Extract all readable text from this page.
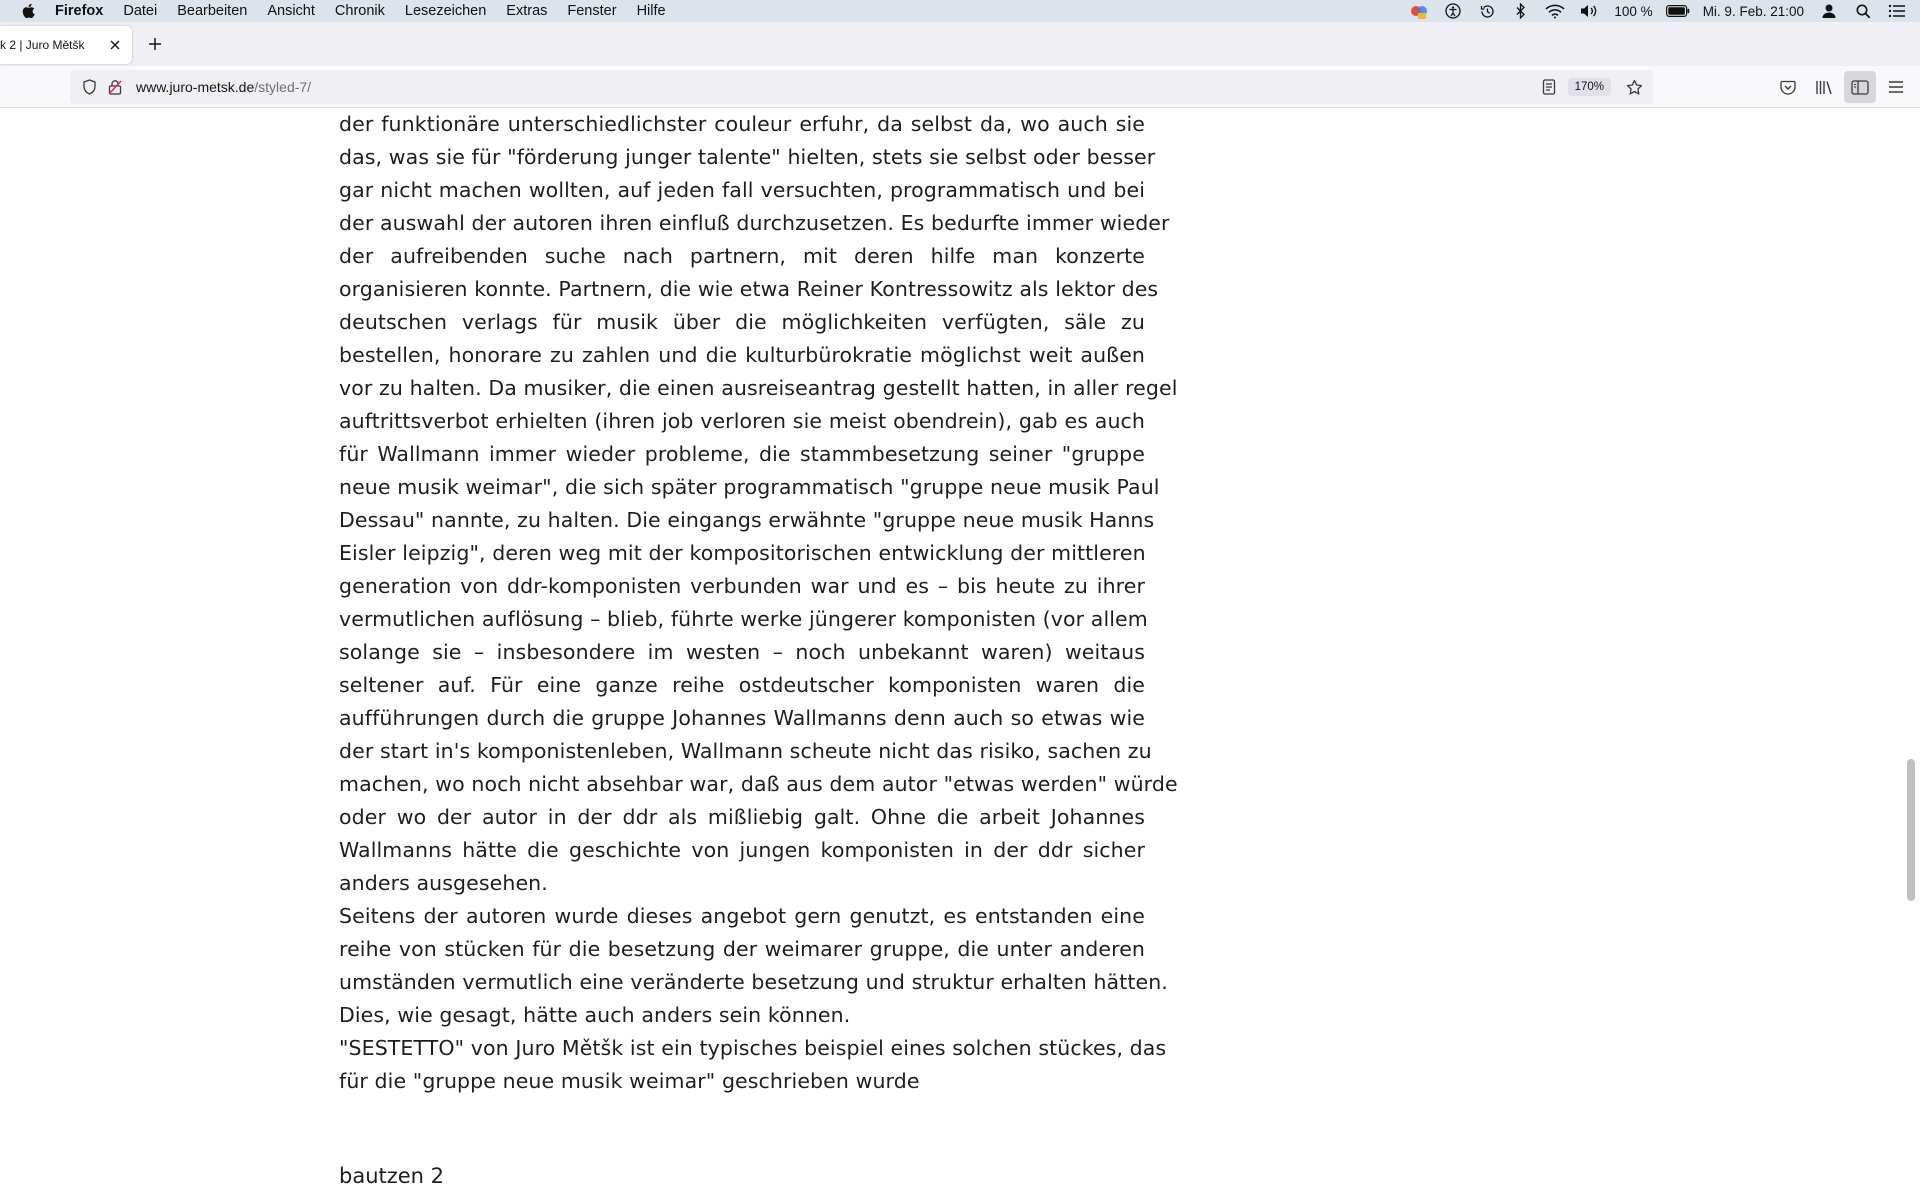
Firefox	Datei	Bearbeiten	Ansicht	Chronik	Lesezeichen	Extras	Fenster	Hilfe	100 %	Mi. 9. Feb. 21:00
k 2 | Juro Mětšk
www.juro-metsk.de/styled-7/	170%

der funktionäre unterschiedlichster couleur erfuhr, da selbst da, wo auch sie
das, was sie für "förderung junger talente" hielten, stets sie selbst oder besser
gar nicht machen wollten, auf jeden fall versuchten, programmatisch und bei
der auswahl der autoren ihren einfluß durchzusetzen. Es bedurfte immer wieder
der aufreibenden suche nach partnern, mit deren hilfe man konzerte
organisieren konnte. Partnern, die wie etwa Reiner Kontressowitz als lektor des
deutschen verlags für musik über die möglichkeiten verfügten, säle zu
bestellen, honorare zu zahlen und die kulturbürokratie möglichst weit außen
vor zu halten. Da musiker, die einen ausreiseantrag gestellt hatten, in aller regel
auftrittsverbot erhielten (ihren job verloren sie meist obendrein), gab es auch
für Wallmann immer wieder probleme, die stammbesetzung seiner "gruppe
neue musik weimar", die sich später programmatisch "gruppe neue musik Paul
Dessau" nannte, zu halten. Die eingangs erwähnte "gruppe neue musik Hanns
Eisler leipzig", deren weg mit der kompositorischen entwicklung der mittleren
generation von ddr-komponisten verbunden war und es – bis heute zu ihrer
vermutlichen auflösung – blieb, führte werke jüngerer komponisten (vor allem
solange sie – insbesondere im westen – noch unbekannt waren) weitaus
seltener auf. Für eine ganze reihe ostdeutscher komponisten waren die
aufführungen durch die gruppe Johannes Wallmanns denn auch so etwas wie
der start in's komponistenleben, Wallmann scheute nicht das risiko, sachen zu
machen, wo noch nicht absehbar war, daß aus dem autor "etwas werden" würde
oder wo der autor in der ddr als mißliebig galt. Ohne die arbeit Johannes
Wallmanns hätte die geschichte von jungen komponisten in der ddr sicher
anders ausgesehen.

Seitens der autoren wurde dieses angebot gern genutzt, es entstanden eine
reihe von stücken für die besetzung der weimarer gruppe, die unter anderen
umständen vermutlich eine veränderte besetzung und struktur erhalten hätten.
Dies, wie gesagt, hätte auch anders sein können.

"SESTETTO" von Juro Mětšk ist ein typisches beispiel eines solchen stückes, das
für die "gruppe neue musik weimar" geschrieben wurde

bautzen 2
